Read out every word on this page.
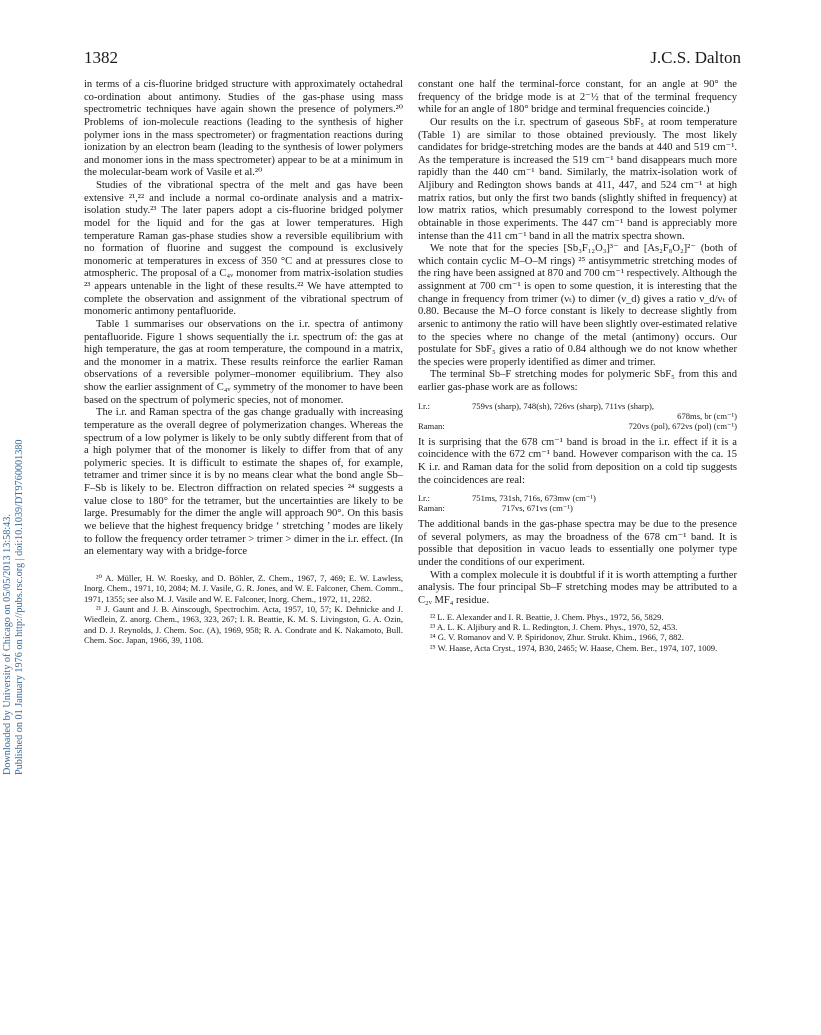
1382	J.C.S. Dalton
Downloaded by University of Chicago on 05/05/2013 13:58:43. Published on 01 January 1976 on http://pubs.rsc.org | doi:10.1039/DT9760001380

in terms of a cis-fluorine bridged structure with approximately octahedral co-ordination about antimony. Studies of the gas-phase using mass spectrometric techniques have again shown the presence of polymers.²⁰ Problems of ion-molecule reactions (leading to the synthesis of higher polymer ions in the mass spectrometer) or fragmentation reactions during ionization by an electron beam (leading to the synthesis of lower polymers and monomer ions in the mass spectrometer) appear to be at a minimum in the molecular-beam work of Vasile et al.²⁰

Studies of the vibrational spectra of the melt and gas have been extensive ²¹,²² and include a normal co-ordinate analysis and a matrix-isolation study.²³ The later papers adopt a cis-fluorine bridged polymer model for the liquid and for the gas at lower temperatures. High temperature Raman gas-phase studies show a reversible equilibrium with no formation of fluorine and suggest the compound is exclusively monomeric at temperatures in excess of 350 °C and at pressures close to atmospheric. The proposal of a C₄ᵥ monomer from matrix-isolation studies ²³ appears untenable in the light of these results.²² We have attempted to complete the observation and assignment of the vibrational spectrum of monomeric antimony pentafluoride.

Table 1 summarises our observations on the i.r. spectra of antimony pentafluoride. Figure 1 shows sequentially the i.r. spectrum of: the gas at high temperature, the gas at room temperature, the compound in a matrix, and the monomer in a matrix. These results reinforce the earlier Raman observations of a reversible polymer–monomer equilibrium. They also show the earlier assignment of C₄ᵥ symmetry of the monomer to have been based on the spectrum of polymeric species, not of monomer.

The i.r. and Raman spectra of the gas change gradually with increasing temperature as the overall degree of polymerization changes. Whereas the spectrum of a low polymer is likely to be only subtly different from that of a high polymer that of the monomer is likely to differ from that of any polymeric species. It is difficult to estimate the shapes of, for example, tetramer and trimer since it is by no means clear what the bond angle Sb–F–Sb is likely to be. Electron diffraction on related species ²⁴ suggests a value close to 180° for the tetramer, but the uncertainties are likely to be large. Presumably for the dimer the angle will approach 90°. On this basis we believe that the highest frequency bridge ‘ stretching ’ modes are likely to follow the frequency order tetramer > trimer > dimer in the i.r. effect. (In an elementary way with a bridge-force

²⁰ A. Müller, H. W. Roesky, and D. Böhler, Z. Chem., 1967, 7, 469; E. W. Lawless, Inorg. Chem., 1971, 10, 2084; M. J. Vasile, G. R. Jones, and W. E. Falconer, Chem. Comm., 1971, 1355; see also M. J. Vasile and W. E. Falconer, Inorg. Chem., 1972, 11, 2282.

²¹ J. Gaunt and J. B. Ainscough, Spectrochim. Acta, 1957, 10, 57; K. Dehnicke and J. Wiedlein, Z. anorg. Chem., 1963, 323, 267; I. R. Beattie, K. M. S. Livingston, G. A. Ozin, and D. J. Reynolds, J. Chem. Soc. (A), 1969, 958; R. A. Condrate and K. Nakamoto, Bull. Chem. Soc. Japan, 1966, 39, 1108.

constant one half the terminal-force constant, for an angle at 90° the frequency of the bridge mode is at 2⁻½ that of the terminal frequency while for an angle of 180° bridge and terminal frequencies coincide.)

Our results on the i.r. spectrum of gaseous SbF₅ at room temperature (Table 1) are similar to those obtained previously. The most likely candidates for bridge-stretching modes are the bands at 440 and 519 cm⁻¹. As the temperature is increased the 519 cm⁻¹ band disappears much more rapidly than the 440 cm⁻¹ band. Similarly, the matrix-isolation work of Aljibury and Redington shows bands at 411, 447, and 524 cm⁻¹ at high matrix ratios, but only the first two bands (slightly shifted in frequency) at low matrix ratios, which presumably correspond to the lowest polymer obtainable in those experiments. The 447 cm⁻¹ band is appreciably more intense than the 411 cm⁻¹ band in all the matrix spectra shown.

We note that for the species [Sb₃F₁₂O₃]³⁻ and [As₂F₈O₂]²⁻ (both of which contain cyclic M–O–M rings) ²⁵ antisymmetric stretching modes of the ring have been assigned at 870 and 700 cm⁻¹ respectively. Although the assignment at 700 cm⁻¹ is open to some question, it is interesting that the change in frequency from trimer (νₜ) to dimer (ν_d) gives a ratio ν_d/νₜ of 0.80. Because the M–O force constant is likely to decrease slightly from arsenic to antimony the ratio will have been slightly over-estimated relative to the species where no change of the metal (antimony) occurs. Our postulate for SbF₅ gives a ratio of 0.84 although we do not know whether the species were properly identified as dimer and trimer.

The terminal Sb–F stretching modes for polymeric SbF₅ from this and earlier gas-phase work are as follows:

I.r.:	759vs (sharp), 748(sh), 726vs (sharp), 711vs (sharp),
678ms, br (cm⁻¹)
Raman:	720vs (pol), 672vs (pol) (cm⁻¹)

It is surprising that the 678 cm⁻¹ band is broad in the i.r. effect if it is a coincidence with the 672 cm⁻¹ band. However comparison with the ca. 15 K i.r. and Raman data for the solid from deposition on a cold tip suggests the coincidences are real:

I.r.:	751ms, 731sh, 716s, 673mw (cm⁻¹)
Raman:	717vs, 671vs (cm⁻¹)

The additional bands in the gas-phase spectra may be due to the presence of several polymers, as may the broadness of the 678 cm⁻¹ band. It is possible that deposition in vacuo leads to essentially one polymer type under the conditions of our experiment.

With a complex molecule it is doubtful if it is worth attempting a further analysis. The four principal Sb–F stretching modes may be attributed to a C₂ᵥ MF₄ residue.

²² L. E. Alexander and I. R. Beattie, J. Chem. Phys., 1972, 56, 5829.

²³ A. L. K. Aljibury and R. L. Redington, J. Chem. Phys., 1970, 52, 453.

²⁴ G. V. Romanov and V. P. Spiridonov, Zhur. Strukt. Khim., 1966, 7, 882.

²⁵ W. Haase, Acta Cryst., 1974, B30, 2465; W. Haase, Chem. Ber., 1974, 107, 1009.
